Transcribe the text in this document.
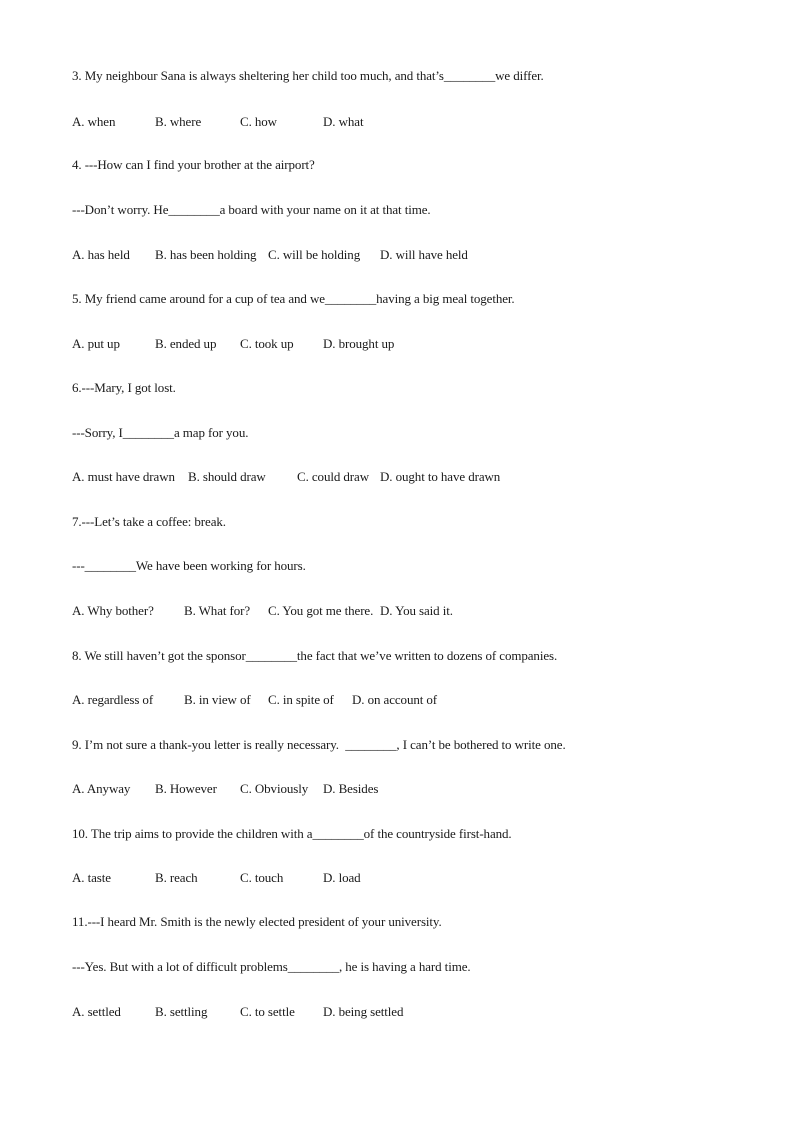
3. My neighbour Sana is always sheltering her child too much, and that’s________we differ.
A. when	B. where	C. how	D. what
4. ---How can I find your brother at the airport?
---Don’t worry. He________a board with your name on it at that time.
A. has held B. has been holding C. will be holding D. will have held
5. My friend came around for a cup of tea and we________having a big meal together.
A. put up	B. ended up C. took up D. brought up
6.---Mary, I got lost.
---Sorry, I________a map for you.
A. must have drawn B. should draw C. could draw D. ought to have drawn
7.---Let’s take a coffee: break.
---________We have been working for hours.
A. Why bother? B. What for? C. You got me there. D. You said it.
8. We still haven’t got the sponsor________the fact that we’ve written to dozens of companies.
A. regardless of B. in view of C. in spite of D. on account of
9. I’m not sure a thank-you letter is really necessary.  ________, I can’t be bothered to write one.
A. Anyway B. However C. Obviously D. Besides
10. The trip aims to provide the children with a________of the countryside first-hand.
A. taste	B. reach	C. touch	D. load
11.---I heard Mr. Smith is the newly elected president of your university.
---Yes. But with a lot of difficult problems________, he is having a hard time.
A. settled	B. settling	C. to settle D. being settled
